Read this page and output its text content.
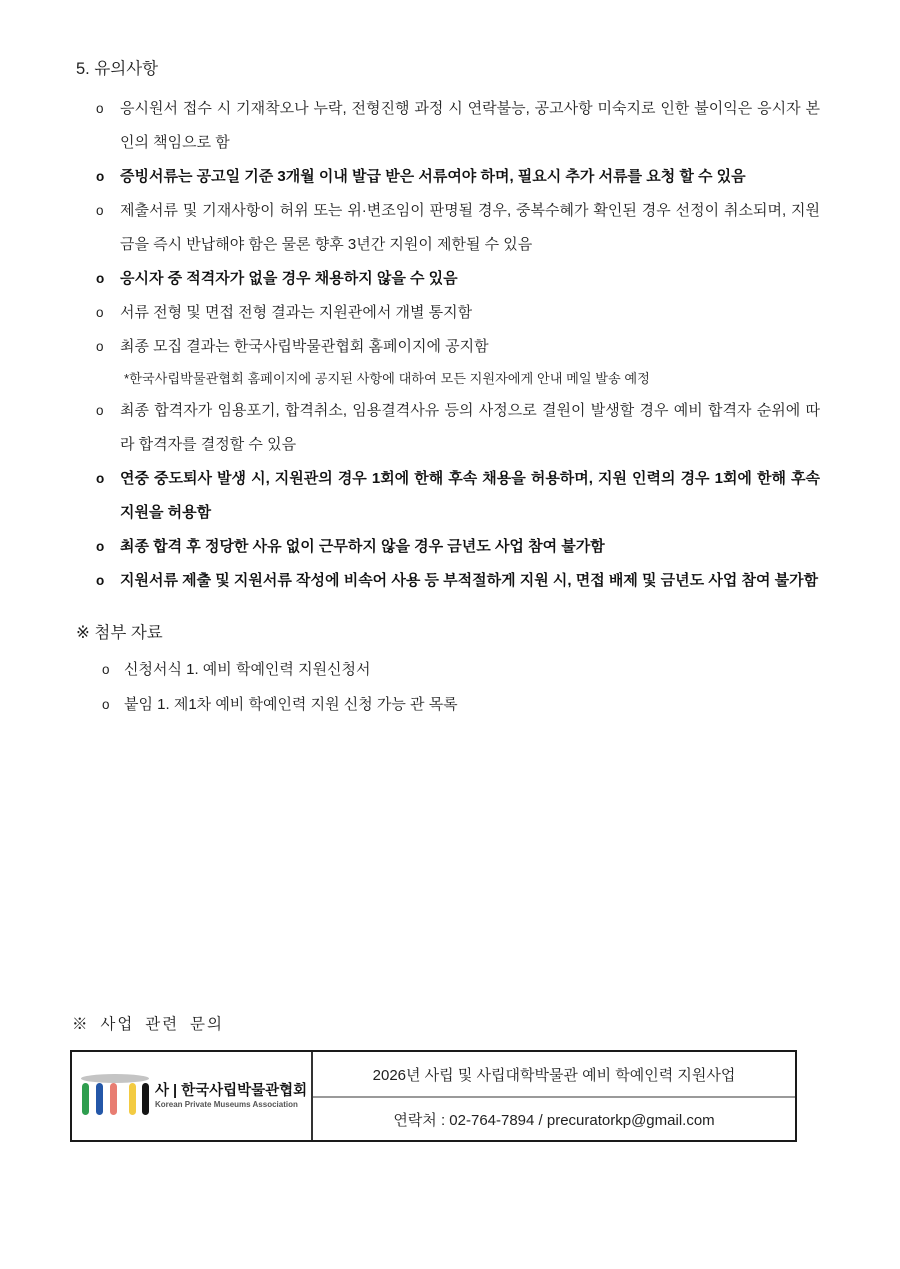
5. 유의사항
o	응시원서 접수 시 기재착오나 누락, 전형진행 과정 시 연락불능, 공고사항 미숙지로 인한 불이익은 응시자 본인의 책임으로 함
o	증빙서류는 공고일 기준 3개월 이내 발급 받은 서류여야 하며, 필요시 추가 서류를 요청 할 수 있음
o	제출서류 및 기재사항이 허위 또는 위·변조임이 판명될 경우, 중복수혜가 확인된 경우 선정이 취소되며, 지원금을 즉시 반납해야 함은 물론 향후 3년간 지원이 제한될 수 있음
o	응시자 중 적격자가 없을 경우 채용하지 않을 수 있음
o	서류 전형 및 면접 전형 결과는 지원관에서 개별 통지함
o	최종 모집 결과는 한국사립박물관협회 홈페이지에 공지함
*한국사립박물관협회 홈페이지에 공지된 사항에 대하여 모든 지원자에게 안내 메일 발송 예정
o	최종 합격자가 임용포기, 합격취소, 임용결격사유 등의 사정으로 결원이 발생할 경우 예비 합격자 순위에 따라 합격자를 결정할 수 있음
o	연중 중도퇴사 발생 시, 지원관의 경우 1회에 한해 후속 채용을 허용하며, 지원 인력의 경우 1회에 한해 후속 지원을 허용함
o	최종 합격 후 정당한 사유 없이 근무하지 않을 경우 금년도 사업 참여 불가함
o	지원서류 제출 및 지원서류 작성에 비속어 사용 등 부적절하게 지원 시, 면접 배제 및 금년도 사업 참여 불가함
※ 첨부 자료
o 신청서식 1. 예비 학예인력 지원신청서
o 붙임 1. 제1차 예비 학예인력 지원 신청 가능 관 목록
※ 사업 관련 문의
사 | 한국사립박물관협회
Korean Private Museums Association
2026년 사립 및 사립대학박물관 예비 학예인력 지원사업
연락처 : 02-764-7894 / precuratorkp@gmail.com
